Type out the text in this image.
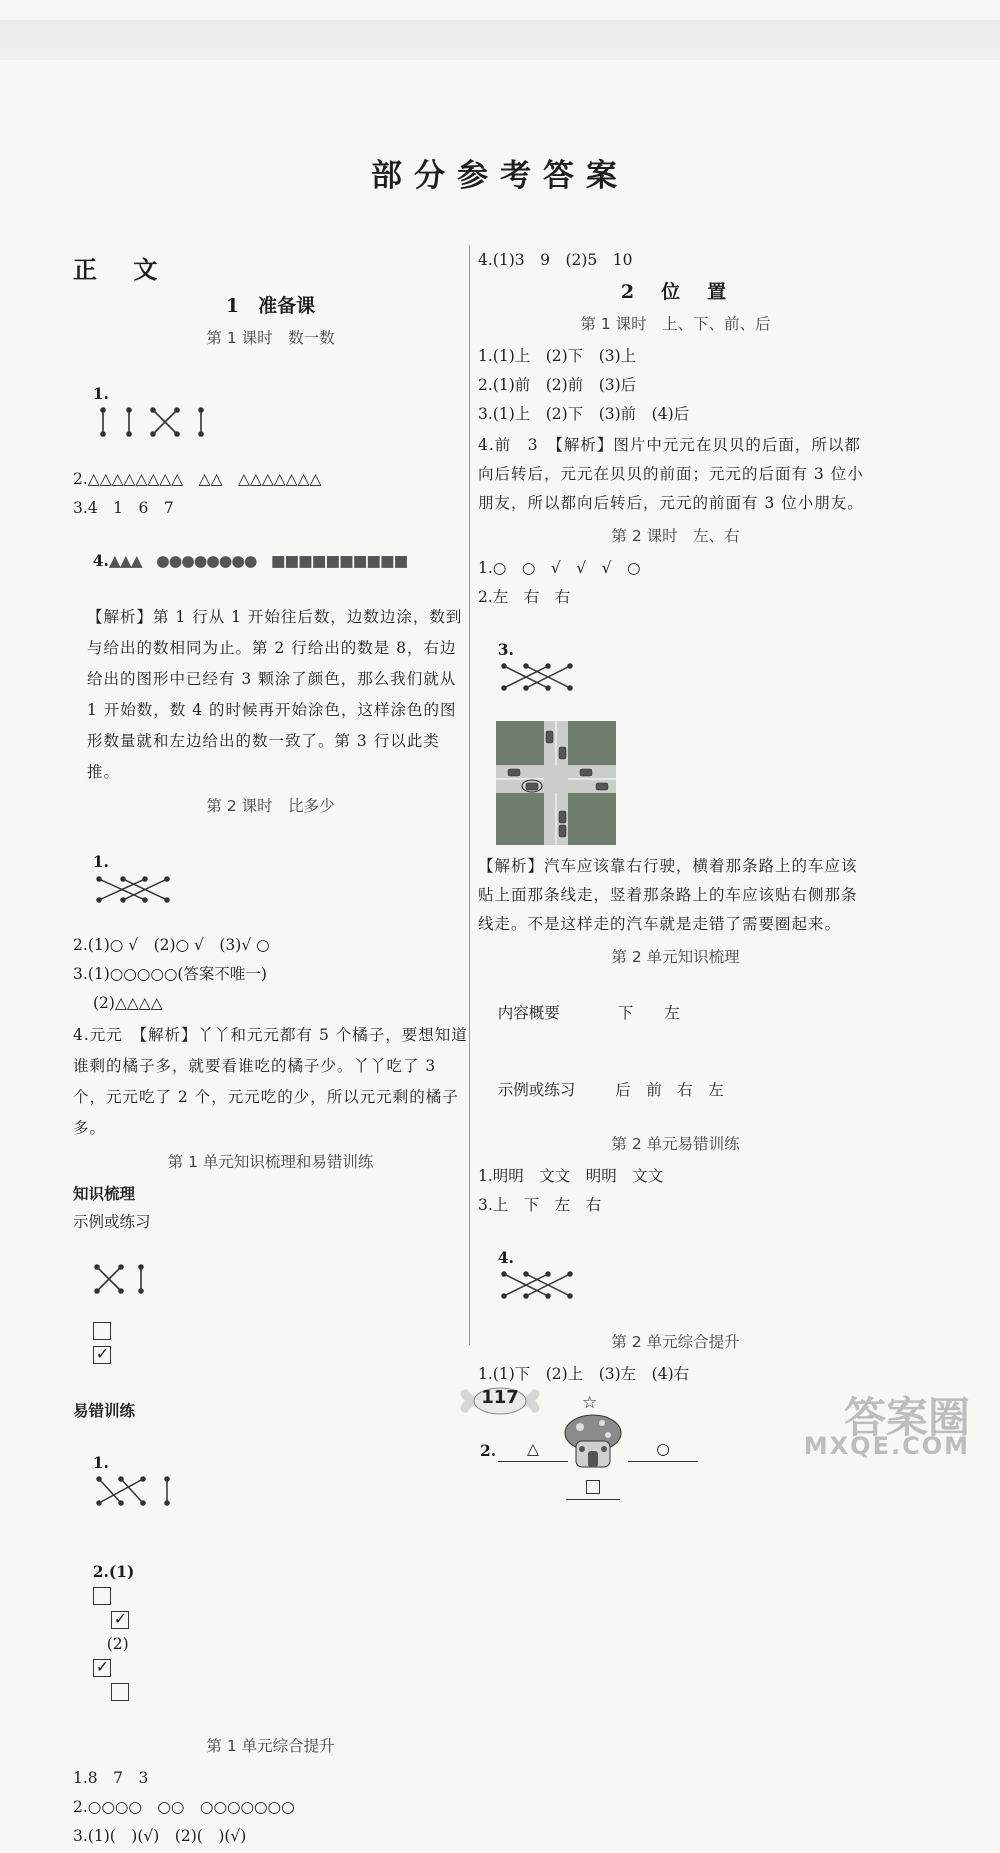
部分参考答案
正 文
1　准备课
第 1 课时　数一数

1.

2.△△△△△△△△　△△　△△△△△△△
3.4　1　6　7

4.▲▲▲　●●●●●●●●　■■■■■■■■■■

【解析】第 1 行从 1 开始往后数，边数边涂，数到与给出的数相同为止。第 2 行给出的数是 8，右边给出的图形中已经有 3 颗涂了颜色，那么我们就从 1 开始数，数 4 的时候再开始涂色，这样涂色的图形数量就和左边给出的数一致了。第 3 行以此类推。
第 2 课时　比多少

1.

2.(1)○ √　(2)○ √　(3)√ ○
3.(1)○○○○○(答案不唯一)
(2)△△△△
4.元元　【解析】丫丫和元元都有 5 个橘子，要想知道谁剩的橘子多，就要看谁吃的橘子少。丫丫吃了 3 个，元元吃了 2 个，元元吃的少，所以元元剩的橘子多。
第 1 单元知识梳理和易错训练
知识梳理
示例或练习

✓

易错训练

1.

2.(1)

✓

(2)

✓

第 1 单元综合提升
1.8　7　3
2.○○○○　○○　○○○○○○○
3.(1)(　)(√)　(2)(　)(√)
4.(1)3　9　(2)5　10
2　位　置
第 1 课时　上、下、前、后
1.(1)上　(2)下　(3)上
2.(1)前　(2)前　(3)后
3.(1)上　(2)下　(3)前　(4)后
4.前　3　【解析】图片中元元在贝贝的后面，所以都向后转后，元元在贝贝的前面；元元的后面有 3 位小朋友，所以都向后转后，元元的前面有 3 位小朋友。
第 2 课时　左、右
1.○　○　√　√　√　○
2.左　右　右

3.

【解析】汽车应该靠右行驶，横着那条路上的车应该贴上面那条线走，竖着那条路上的车应该贴右侧那条线走。不是这样走的汽车就是走错了需要圈起来。
第 2 单元知识梳理

内容概要	下　　左

示例或练习	后　前　右　左

第 2 单元易错训练
1.明明　文文　明明　文文
3.上　下　左　右

4.

第 2 单元综合提升
1.(1)下　(2)上　(3)左　(4)右

☆

2.

	△

	○

117	答案圈
MXQE.COM
